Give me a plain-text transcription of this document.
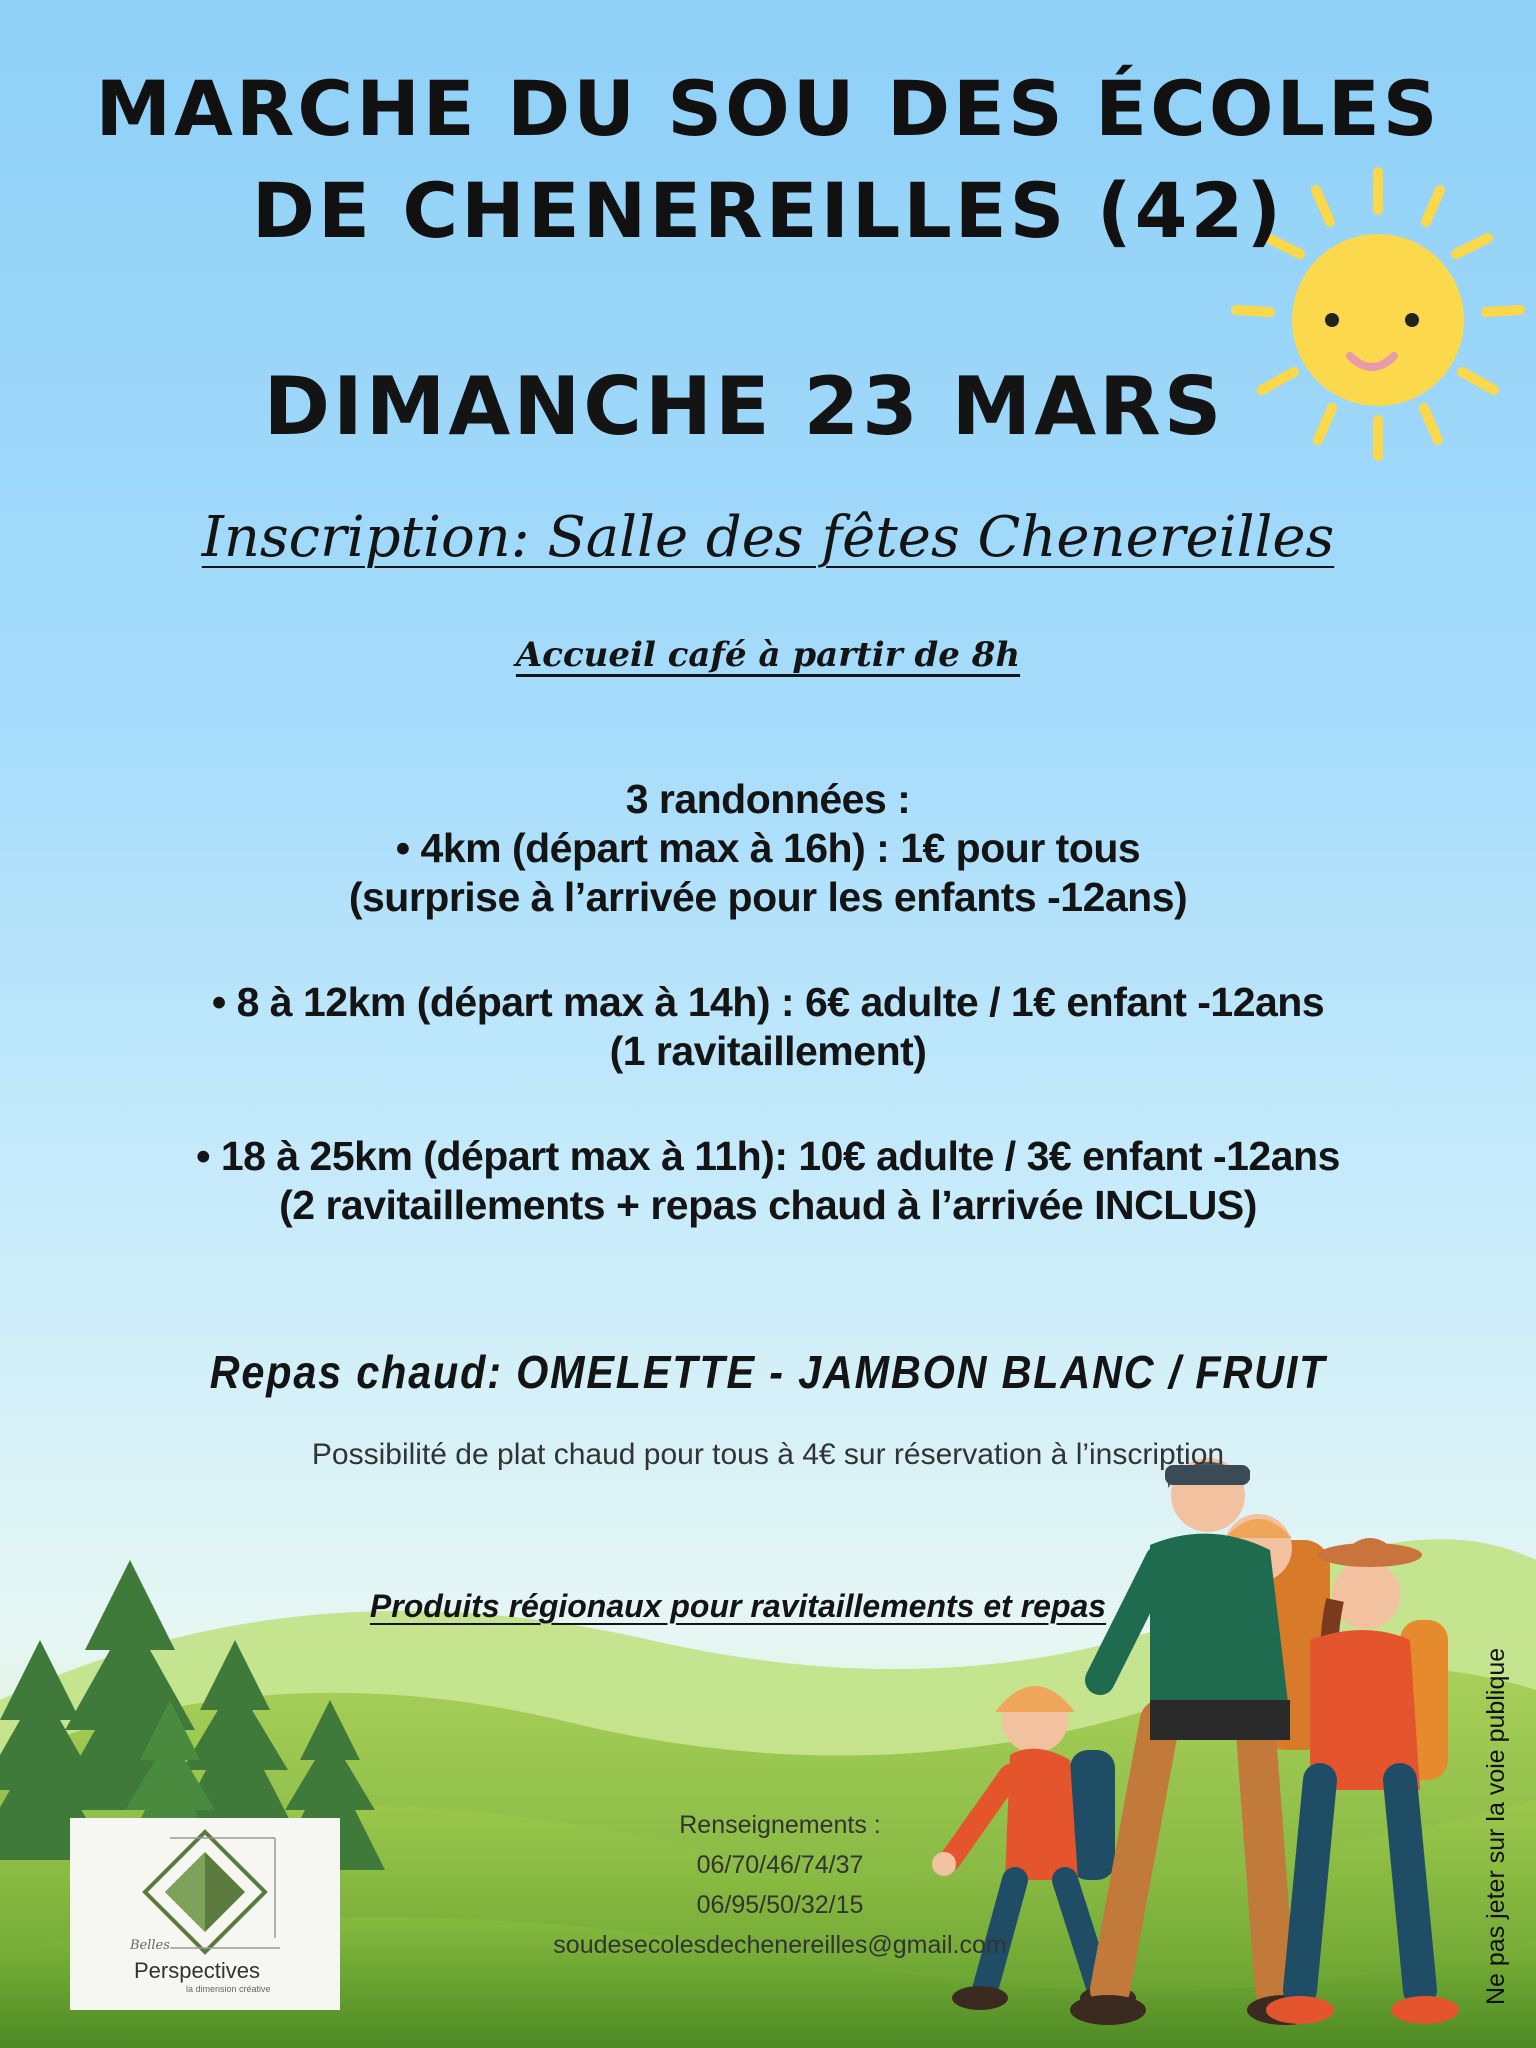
MARCHE DU SOU DES ÉCOLES
DE CHENEREILLES (42)
DIMANCHE 23 MARS
Inscription: Salle des fêtes Chenereilles
Accueil café à partir de 8h
3 randonnées :
• 4km (départ max à 16h) : 1€ pour tous
(surprise à l’arrivée pour les enfants -12ans)
• 8 à 12km (départ max à 14h) : 6€ adulte / 1€ enfant -12ans
(1 ravitaillement)
• 18 à 25km (départ max à 11h): 10€ adulte / 3€ enfant -12ans
(2 ravitaillements + repas chaud à l’arrivée INCLUS)
Repas chaud: OMELETTE - JAMBON BLANC / FRUIT
Possibilité de plat chaud pour tous à 4€ sur réservation à l’inscription
Produits régionaux pour ravitaillements et repas
Renseignements :
06/70/46/74/37
06/95/50/32/15
soudesecolesdechenereilles@gmail.com	Ne pas jeter sur la voie publique
Belles
Perspectives
la dimension créative
